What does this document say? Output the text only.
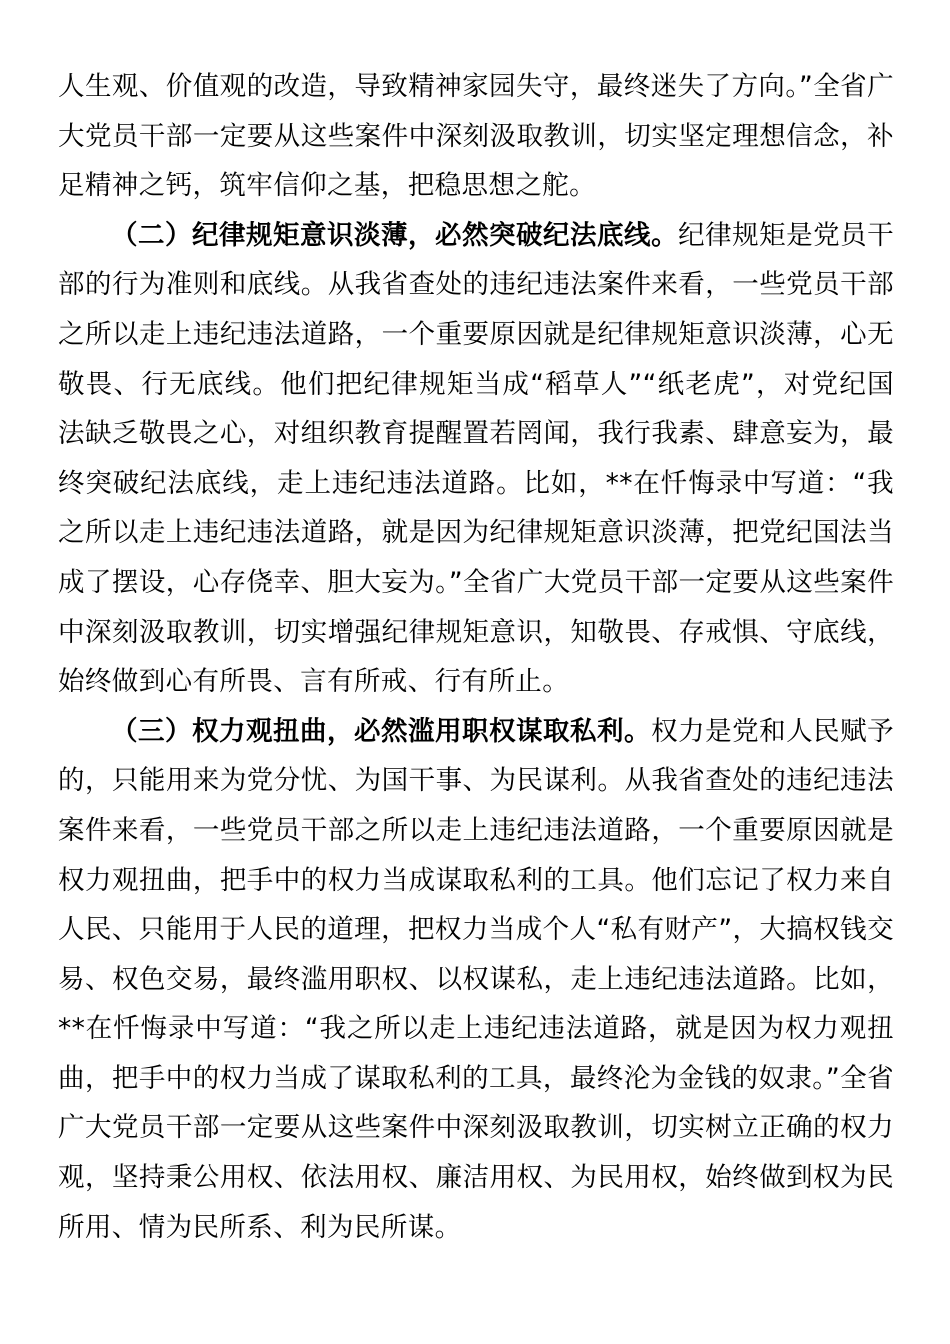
人生观、价值观的改造，导致精神家园失守，最终迷失了方向。”全省广大党员干部一定要从这些案件中深刻汲取教训，切实坚定理想信念，补足精神之钙，筑牢信仰之基，把稳思想之舵。

（二）纪律规矩意识淡薄，必然突破纪法底线。纪律规矩是党员干部的行为准则和底线。从我省查处的违纪违法案件来看，一些党员干部之所以走上违纪违法道路，一个重要原因就是纪律规矩意识淡薄，心无敬畏、行无底线。他们把纪律规矩当成“稻草人”“纸老虎”，对党纪国法缺乏敬畏之心，对组织教育提醒置若罔闻，我行我素、肆意妄为，最终突破纪法底线，走上违纪违法道路。比如，**在忏悔录中写道：“我之所以走上违纪违法道路，就是因为纪律规矩意识淡薄，把党纪国法当成了摆设，心存侥幸、胆大妄为。”全省广大党员干部一定要从这些案件中深刻汲取教训，切实增强纪律规矩意识，知敬畏、存戒惧、守底线，始终做到心有所畏、言有所戒、行有所止。

（三）权力观扭曲，必然滥用职权谋取私利。权力是党和人民赋予的，只能用来为党分忧、为国干事、为民谋利。从我省查处的违纪违法案件来看，一些党员干部之所以走上违纪违法道路，一个重要原因就是权力观扭曲，把手中的权力当成谋取私利的工具。他们忘记了权力来自人民、只能用于人民的道理，把权力当成个人“私有财产”，大搞权钱交易、权色交易，最终滥用职权、以权谋私，走上违纪违法道路。比如，**在忏悔录中写道：“我之所以走上违纪违法道路，就是因为权力观扭曲，把手中的权力当成了谋取私利的工具，最终沦为金钱的奴隶。”全省广大党员干部一定要从这些案件中深刻汲取教训，切实树立正确的权力观，坚持秉公用权、依法用权、廉洁用权、为民用权，始终做到权为民所用、情为民所系、利为民所谋。
